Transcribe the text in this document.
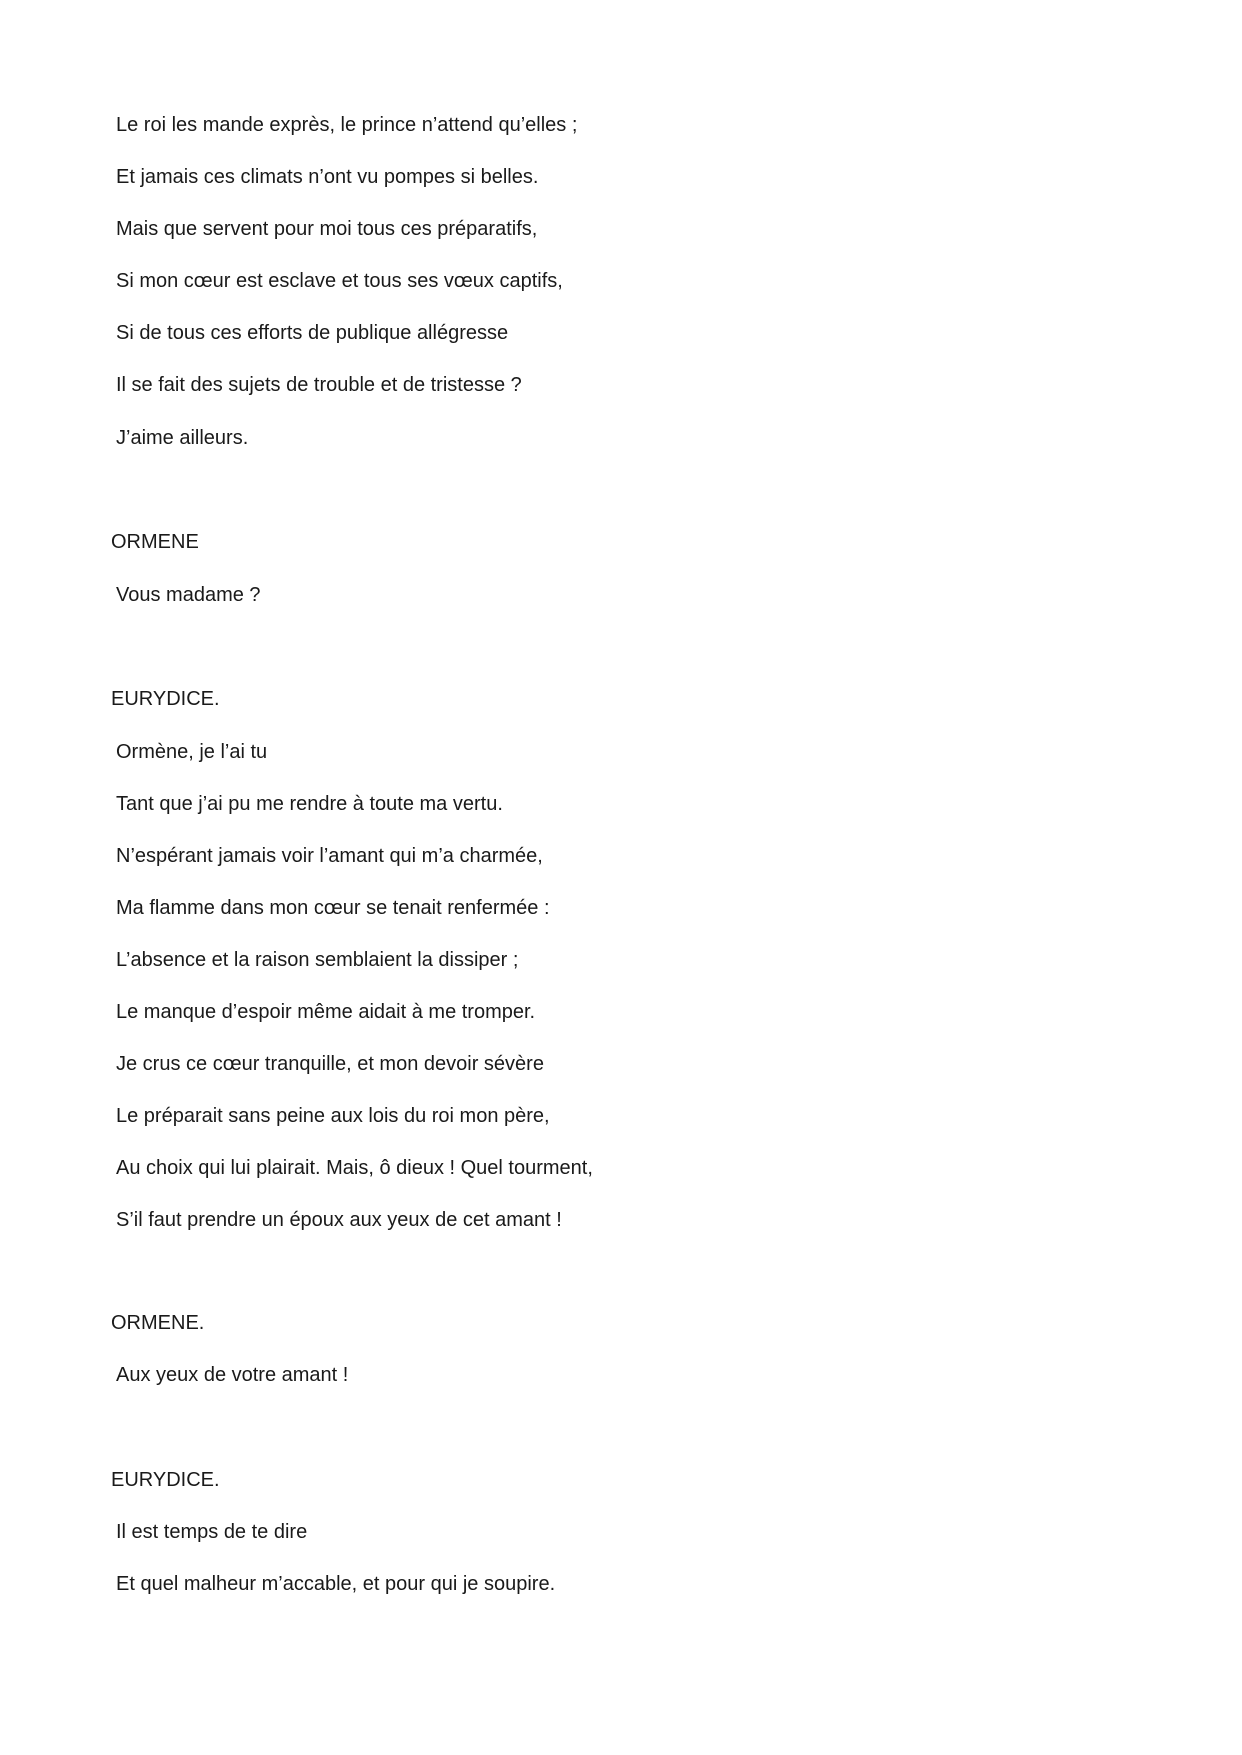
Le roi les mande exprès, le prince n’attend qu’elles ;
Et jamais ces climats n’ont vu pompes si belles.
Mais que servent pour moi tous ces préparatifs,
Si mon cœur est esclave et tous ses vœux captifs,
Si de tous ces efforts de publique allégresse
Il se fait des sujets de trouble et de tristesse ?
J’aime ailleurs.
ORMENE
Vous madame ?
EURYDICE.
Ormène, je l’ai tu
Tant que j’ai pu me rendre à toute ma vertu.
N’espérant jamais voir l’amant qui m’a charmée,
Ma flamme dans mon cœur se tenait renfermée :
L’absence et la raison semblaient la dissiper ;
Le manque d’espoir même aidait à me tromper.
Je crus ce cœur tranquille, et mon devoir sévère
Le préparait sans peine aux lois du roi mon père,
Au choix qui lui plairait. Mais, ô dieux ! Quel tourment,
S’il faut prendre un époux aux yeux de cet amant !
ORMENE.
Aux yeux de votre amant !
EURYDICE.
Il est temps de te dire
Et quel malheur m’accable, et pour qui je soupire.
